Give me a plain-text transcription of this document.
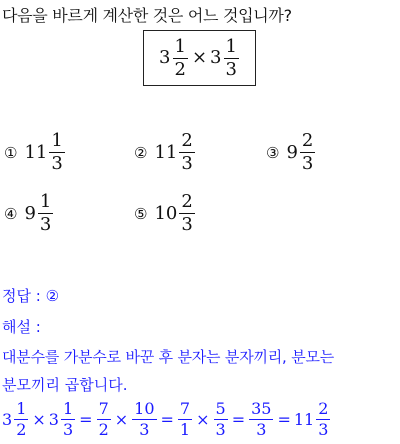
다음을 바르게 계산한 것은 어느 것입니까?
$3 \frac{1}{2} \times 3 \frac{1}{3}$
① $11 \frac{1}{3}$	② $11 \frac{2}{3}$	③ $9 \frac{2}{3}$
④ $9 \frac{1}{3}$	⑤ $10 \frac{2}{3}$
정답 : ②
해설 :
대분수를 가분수로 바꾼 후 분자는 분자끼리, 분모는
분모끼리 곱합니다.
$3 \frac{1}{2} \times 3 \frac{1}{3} = \frac{7}{2} \times \frac{10}{3} = \frac{7}{1} \times \frac{5}{3} = \frac{35}{3} = 11 \frac{2}{3}$
